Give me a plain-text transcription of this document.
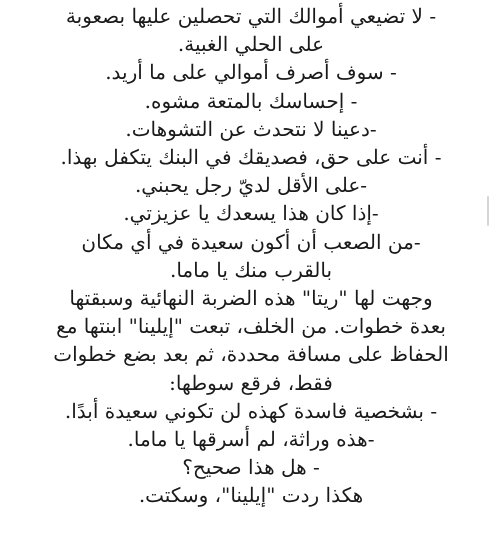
- لا تضيعي أموالك التي تحصلين عليها بصعوبة
على الحلي الغبية.
- سوف أصرف أموالي على ما أريد.
- إحساسك بالمتعة مشوه.
-دعينا لا نتحدث عن التشوهات.
- أنت على حق، فصديقك في البنك يتكفل بهذا.
-على الأقل لديّ رجل يحبني.
-إذا كان هذا يسعدك يا عزيزتي.
-من الصعب أن أكون سعيدة في أي مكان
بالقرب منك يا ماما.
وجهت لها "ريتا" هذه الضربة النهائية وسبقتها
بعدة خطوات. من الخلف، تبعت "إيلينا" ابنتها مع
الحفاظ على مسافة محددة، ثم بعد بضع خطوات
فقط، فرقع سوطها:
- بشخصية فاسدة كهذه لن تكوني سعيدة أبدًا.
-هذه وراثة، لم أسرقها يا ماما.
- هل هذا صحيح؟
هكذا ردت "إيلينا"، وسكتت.
